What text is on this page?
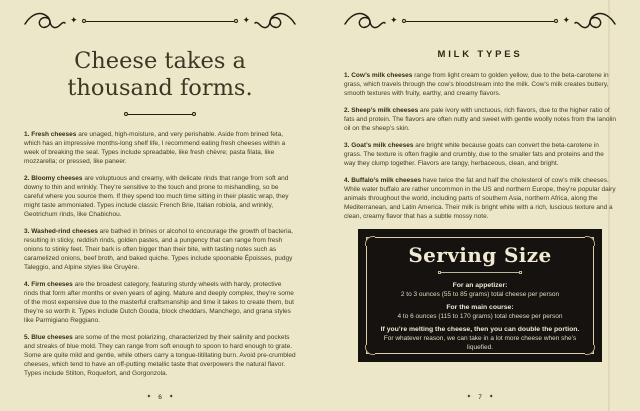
✦	✦
Cheese takes a
thousand forms.

1. Fresh cheeses are unaged, high-moisture, and very perishable. Aside from brined feta, which has an impressive months-long shelf life, I recommend eating fresh cheeses within a week of breaking the seal. Types include spreadable, like fresh chèvre; pasta filata, like mozzarella; or pressed, like paneer.

2. Bloomy cheeses are voluptuous and creamy, with delicate rinds that range from soft and downy to thin and wrinkly. They’re sensitive to the touch and prone to mishandling, so be careful where you source them. If they spend too much time sitting in their plastic wrap, they might taste ammoniated. Types include classic French Brie, Italian robiola, and wrinkly, Geotrichum rinds, like Chabichou.

3. Washed-rind cheeses are bathed in brines or alcohol to encourage the growth of bacteria, resulting in sticky, reddish rinds, golden pastes, and a pungency that can range from fresh onions to stinky feet. Their bark is often bigger than their bite, with tasting notes such as caramelized onions, beef broth, and baked quiche. Types include spoonable Époisses, pudgy Taleggio, and Alpine styles like Gruyère.

4. Firm cheeses are the broadest category, featuring sturdy wheels with hardy, protective rinds that form after months or even years of aging. Mature and deeply complex, they’re some of the most expensive due to the masterful craftsmanship and time it takes to create them, but they’re so worth it. Types include Dutch Gouda, block cheddars, Manchego, and grana styles like Parmigiano Reggiano.

5. Blue cheeses are some of the most polarizing, characterized by their salinity and pockets and streaks of blue mold. They can range from soft enough to spoon to hard enough to grate. Some are quite mild and gentle, while others carry a tongue-titillating burn. Avoid pre-crumbled cheeses, which tend to have an off-putting metallic taste that overpowers the natural flavor. Types include Stilton, Roquefort, and Gorgonzola.

✦ 6 ✦
✦	✦
MILK TYPES

1. Cow’s milk cheeses range from light cream to golden yellow, due to the beta-carotene in grass, which travels through the cow’s bloodstream into the milk. Cow’s milk creates buttery, smooth textures with fruity, earthy, and creamy flavors.

2. Sheep’s milk cheeses are pale ivory with unctuous, rich flavors, due to the higher ratio of fats and protein. The flavors are often nutty and sweet with gentle woolly notes from the lanolin oil on the sheep’s skin.

3. Goat’s milk cheeses are bright white because goats can convert the beta-carotene in grass. The texture is often fragile and crumbly, due to the smaller fats and proteins and the way they clump together. Flavors are tangy, herbaceous, clean, and bright.

4. Buffalo’s milk cheeses have twice the fat and half the cholesterol of cow’s milk cheeses. While water buffalo are rather uncommon in the US and northern Europe, they’re popular dairy animals throughout the world, including parts of southern Asia, northern Africa, along the Mediterranean, and Latin America. Their milk is bright white with a rich, luscious texture and a clean, creamy flavor that has a subtle mossy note.

Serving Size
For an appetizer:
2 to 3 ounces (55 to 85 grams) total cheese per person
For the main course:
4 to 6 ounces (115 to 170 grams) total cheese per person
If you’re melting the cheese, then you can double the portion.
For whatever reason, we can take in a lot more cheese when she’s liquefied.
✦ 7 ✦
